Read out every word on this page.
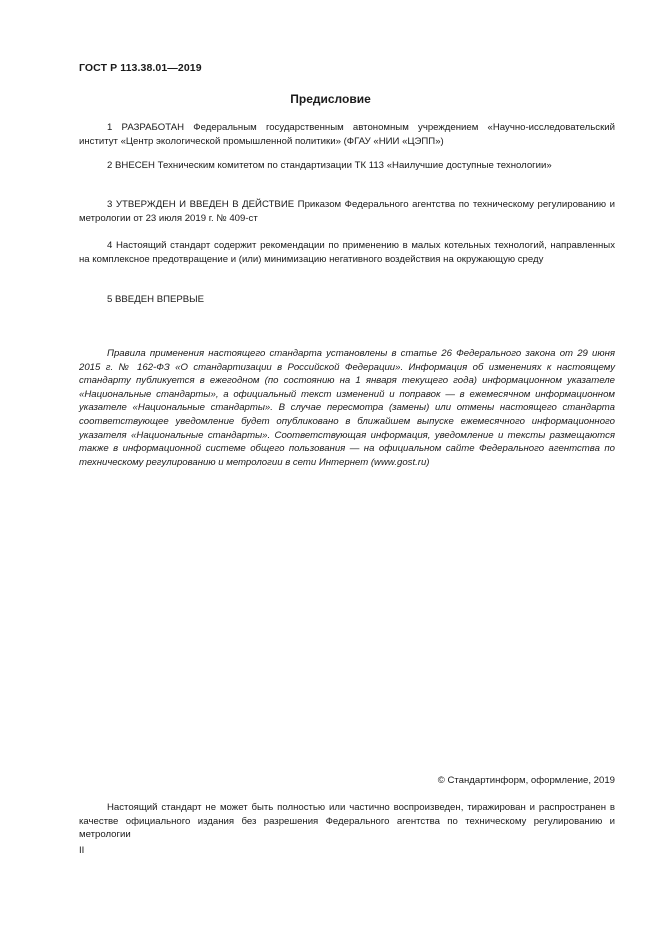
ГОСТ Р 113.38.01—2019
Предисловие
1 РАЗРАБОТАН Федеральным государственным автономным учреждением «Научно-исследовательский институт «Центр экологической промышленной политики» (ФГАУ «НИИ «ЦЭПП»)
2 ВНЕСЕН Техническим комитетом по стандартизации ТК 113 «Наилучшие доступные технологии»
3 УТВЕРЖДЕН И ВВЕДЕН В ДЕЙСТВИЕ Приказом Федерального агентства по техническому регулированию и метрологии от 23 июля 2019 г. № 409-ст
4 Настоящий стандарт содержит рекомендации по применению в малых котельных технологий, направленных на комплексное предотвращение и (или) минимизацию негативного воздействия на окружающую среду
5 ВВЕДЕН ВПЕРВЫЕ
Правила применения настоящего стандарта установлены в статье 26 Федерального закона от 29 июня 2015 г. № 162-ФЗ «О стандартизации в Российской Федерации». Информация об изменениях к настоящему стандарту публикуется в ежегодном (по состоянию на 1 января текущего года) информационном указателе «Национальные стандарты», а официальный текст изменений и поправок — в ежемесячном информационном указателе «Национальные стандарты». В случае пересмотра (замены) или отмены настоящего стандарта соответствующее уведомление будет опубликовано в ближайшем выпуске ежемесячного информационного указателя «Национальные стандарты». Соответствующая информация, уведомление и тексты размещаются также в информационной системе общего пользования — на официальном сайте Федерального агентства по техническому регулированию и метрологии в сети Интернет (www.gost.ru)
© Стандартинформ, оформление, 2019
Настоящий стандарт не может быть полностью или частично воспроизведен, тиражирован и распространен в качестве официального издания без разрешения Федерального агентства по техническому регулированию и метрологии
II
